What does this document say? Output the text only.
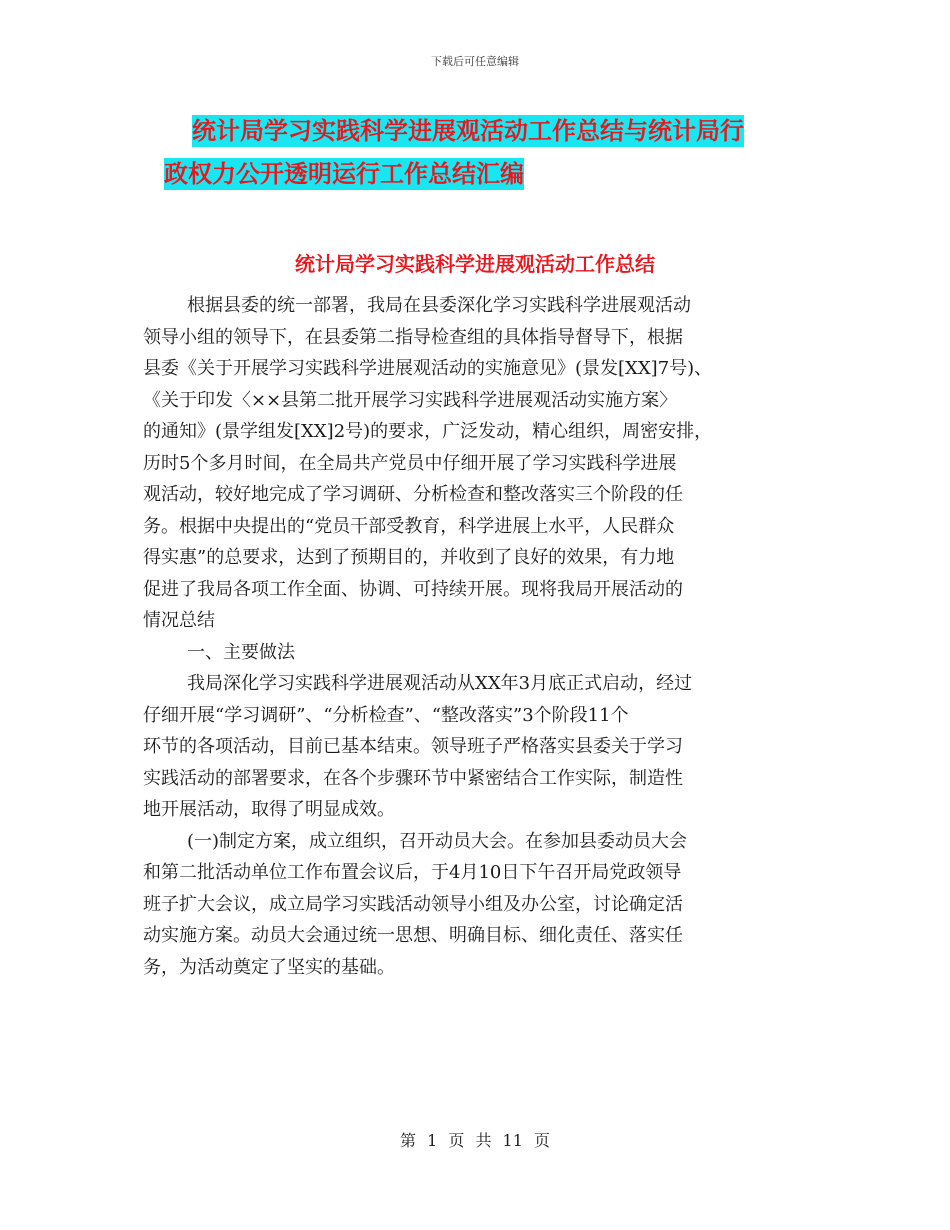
下载后可任意编辑
统计局学习实践科学进展观活动工作总结与统计局行
政权力公开透明运行工作总结汇编
统计局学习实践科学进展观活动工作总结
根据县委的统一部署，我局在县委深化学习实践科学进展观活动
领导小组的领导下，在县委第二指导检查组的具体指导督导下，根据
县委《关于开展学习实践科学进展观活动的实施意见》(景发[XX]7号)、
《关于印发〈××县第二批开展学习实践科学进展观活动实施方案〉
的通知》(景学组发[XX]2号)的要求，广泛发动，精心组织，周密安排，
历时5个多月时间，在全局共产党员中仔细开展了学习实践科学进展
观活动，较好地完成了学习调研、分析检查和整改落实三个阶段的任
务。根据中央提出的“党员干部受教育，科学进展上水平，人民群众
得实惠”的总要求，达到了预期目的，并收到了良好的效果，有力地
促进了我局各项工作全面、协调、可持续开展。现将我局开展活动的
情况总结
一、主要做法
我局深化学习实践科学进展观活动从XX年3月底正式启动，经过
仔细开展“学习调研”、“分析检查”、“整改落实”3个阶段11个
环节的各项活动，目前已基本结束。领导班子严格落实县委关于学习
实践活动的部署要求，在各个步骤环节中紧密结合工作实际，制造性
地开展活动，取得了明显成效。
(一)制定方案，成立组织，召开动员大会。在参加县委动员大会
和第二批活动单位工作布置会议后，于4月10日下午召开局党政领导
班子扩大会议，成立局学习实践活动领导小组及办公室，讨论确定活
动实施方案。动员大会通过统一思想、明确目标、细化责任、落实任
务，为活动奠定了坚实的基础。
第 1 页 共 11 页
